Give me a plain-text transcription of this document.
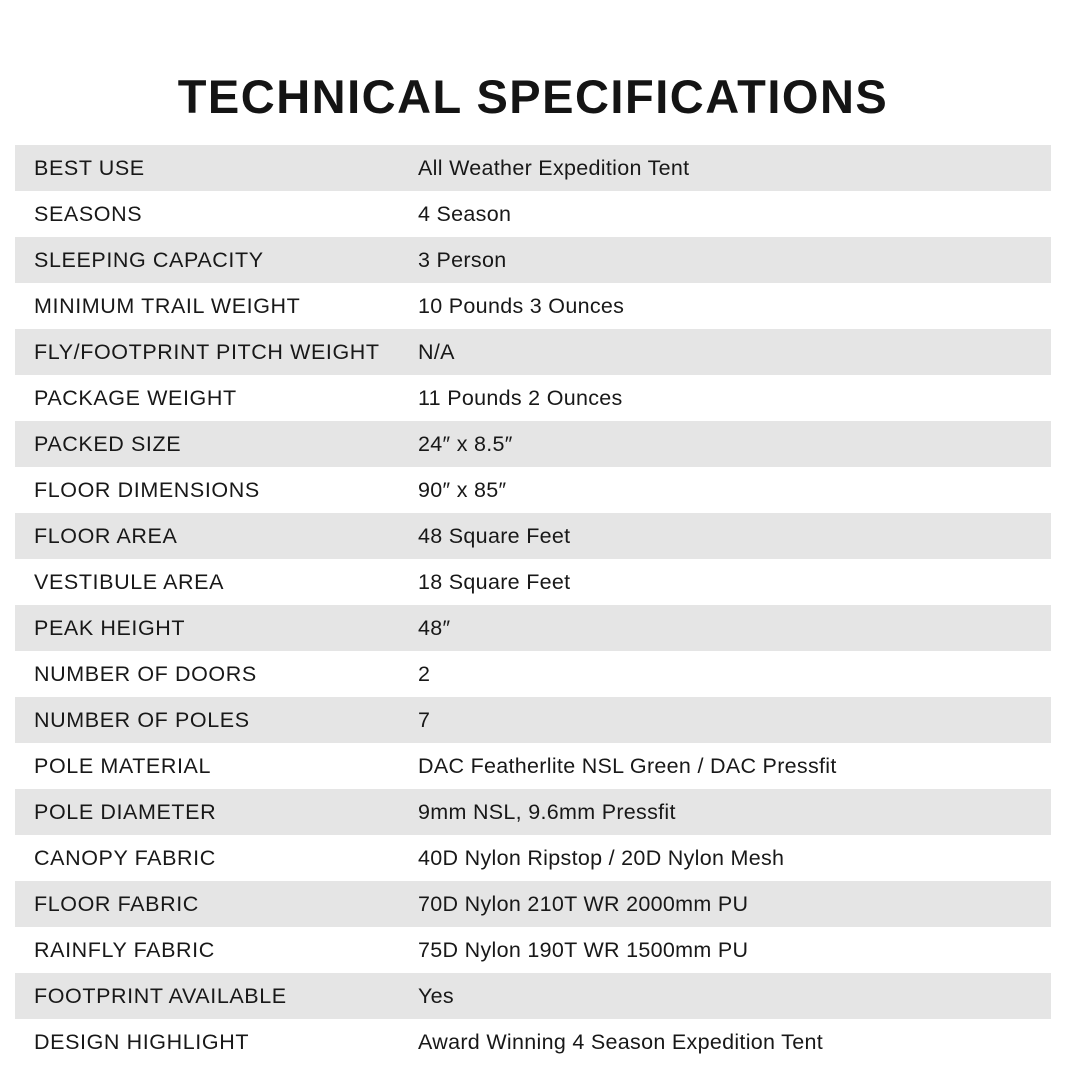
TECHNICAL SPECIFICATIONS
BEST USE	All Weather Expedition Tent
SEASONS	4 Season
SLEEPING CAPACITY	3 Person
MINIMUM TRAIL WEIGHT	10 Pounds 3 Ounces
FLY/FOOTPRINT PITCH WEIGHT	N/A
PACKAGE WEIGHT	11 Pounds 2 Ounces
PACKED SIZE	24″ x 8.5″
FLOOR DIMENSIONS	90″ x 85″
FLOOR AREA	48 Square Feet
VESTIBULE AREA	18 Square Feet
PEAK HEIGHT	48″
NUMBER OF DOORS	2
NUMBER OF POLES	7
POLE MATERIAL	DAC Featherlite NSL Green / DAC Pressfit
POLE DIAMETER	9mm NSL, 9.6mm Pressfit
CANOPY FABRIC	40D Nylon Ripstop / 20D Nylon Mesh
FLOOR FABRIC	70D Nylon 210T WR 2000mm PU
RAINFLY FABRIC	75D Nylon 190T WR 1500mm PU
FOOTPRINT AVAILABLE	Yes
DESIGN HIGHLIGHT	Award Winning 4 Season Expedition Tent
